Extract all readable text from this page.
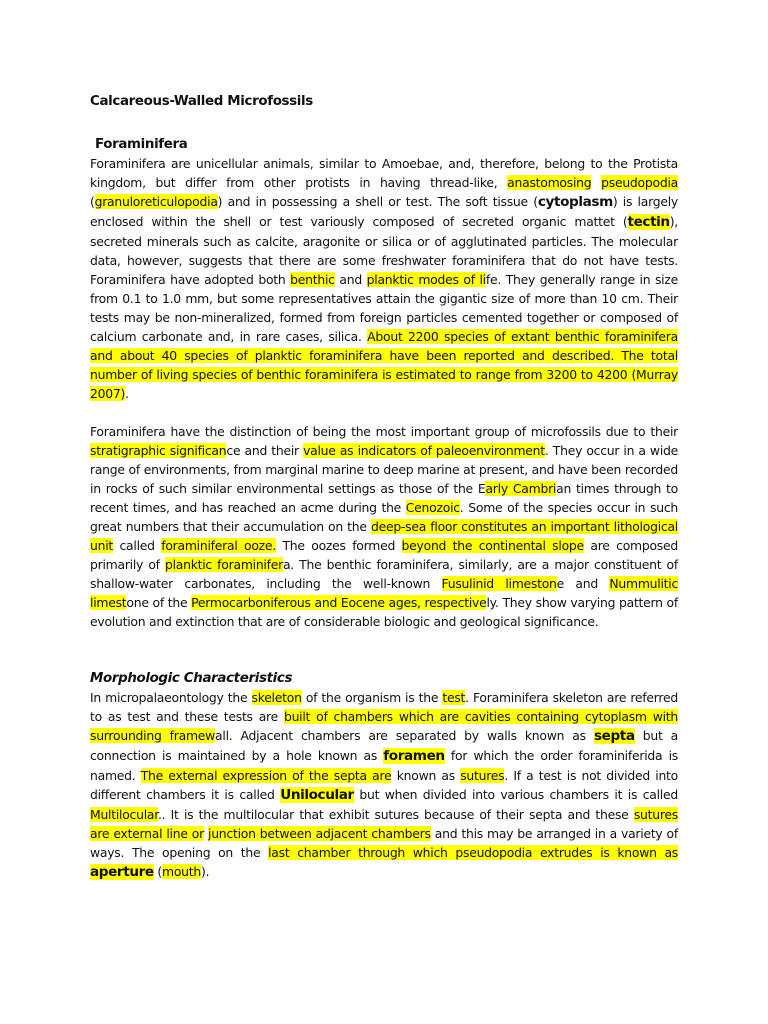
Calcareous-Walled Microfossils
Foraminifera

Foraminifera are unicellular animals, similar to Amoebae, and, therefore, belong to the Protista kingdom, but differ from other protists in having thread-like, anastomosing pseudopodia (granuloreticulopodia) and in possessing a shell or test. The soft tissue (cytoplasm) is largely enclosed within the shell or test variously composed of secreted organic mattet (tectin), secreted minerals such as calcite, aragonite or silica or of agglutinated particles. The molecular data, however, suggests that there are some freshwater foraminifera that do not have tests. Foraminifera have adopted both benthic and planktic modes of life. They generally range in size from 0.1 to 1.0 mm, but some representatives attain the gigantic size of more than 10 cm. Their tests may be non-mineralized, formed from foreign particles cemented together or composed of calcium carbonate and, in rare cases, silica. About 2200 species of extant benthic foraminifera and about 40 species of planktic foraminifera have been reported and described. The total number of living species of benthic foraminifera is estimated to range from 3200 to 4200 (Murray 2007).

Foraminifera have the distinction of being the most important group of microfossils due to their stratigraphic significance and their value as indicators of paleoenvironment. They occur in a wide range of environments, from marginal marine to deep marine at present, and have been recorded in rocks of such similar environmental settings as those of the Early Cambrian times through to recent times, and has reached an acme during the Cenozoic. Some of the species occur in such great numbers that their accumulation on the deep-sea floor constitutes an important lithological unit called foraminiferal ooze. The oozes formed beyond the continental slope are composed primarily of planktic foraminifera. The benthic foraminifera, similarly, are a major constituent of shallow-water carbonates, including the well-known Fusulinid limestone and Nummulitic limestone of the Permocarboniferous and Eocene ages, respectively. They show varying pattern of evolution and extinction that are of considerable biologic and geological significance.

Morphologic Characteristics

In micropalaeontology the skeleton of the organism is the test. Foraminifera skeleton are referred to as test and these tests are built of chambers which are cavities containing cytoplasm with surrounding framewall. Adjacent chambers are separated by walls known as septa but a connection is maintained by a hole known as foramen for which the order foraminiferida is named. The external expression of the septa are known as sutures. If a test is not divided into different chambers it is called Unilocular but when divided into various chambers it is called Multilocular.. It is the multilocular that exhibit sutures because of their septa and these sutures are external line or junction between adjacent chambers and this may be arranged in a variety of ways. The opening on the last chamber through which pseudopodia extrudes is known as aperture (mouth).
